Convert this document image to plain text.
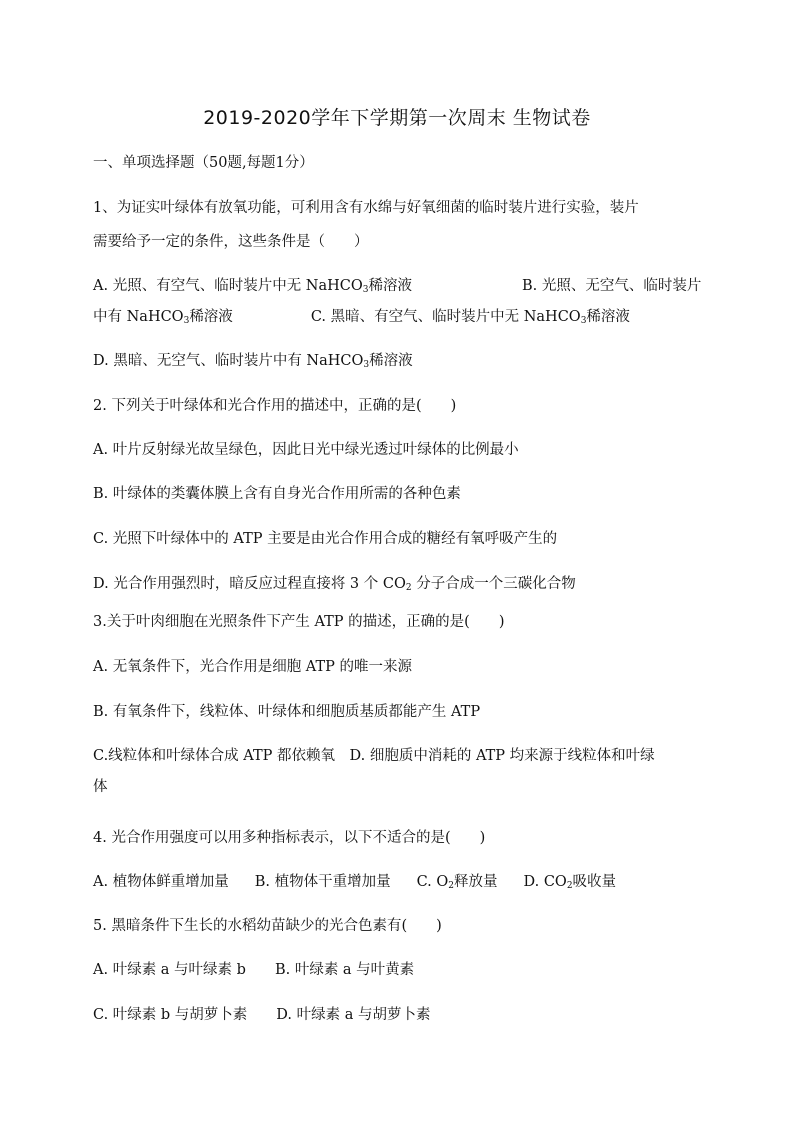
2019-2020学年下学期第一次周末 生物试卷
一、单项选择题（50题,每题1分）
1、为证实叶绿体有放氧功能，可利用含有水绵与好氧细菌的临时装片进行实验，装片
需要给予一定的条件，这些条件是（　　）
A. 光照、有空气、临时装片中无 NaHCO$_3$稀溶液	B. 光照、无空气、临时装片
中有 NaHCO$_3$稀溶液	C. 黑暗、有空气、临时装片中无 NaHCO$_3$稀溶液
D. 黑暗、无空气、临时装片中有 NaHCO$_3$稀溶液
2. 下列关于叶绿体和光合作用的描述中，正确的是(　　)
A. 叶片反射绿光故呈绿色，因此日光中绿光透过叶绿体的比例最小
B. 叶绿体的类囊体膜上含有自身光合作用所需的各种色素
C. 光照下叶绿体中的 ATP 主要是由光合作用合成的糖经有氧呼吸产生的
D. 光合作用强烈时，暗反应过程直接将 3 个 $CO_2$ 分子合成一个三碳化合物
3.关于叶肉细胞在光照条件下产生 ATP 的描述，正确的是(　　)
A. 无氧条件下，光合作用是细胞 ATP 的唯一来源
B. 有氧条件下，线粒体、叶绿体和细胞质基质都能产生 ATP
C.线粒体和叶绿体合成 ATP 都依赖氧　D. 细胞质中消耗的 ATP 均来源于线粒体和叶绿
体
4. 光合作用强度可以用多种指标表示，以下不适合的是(　　)
A. 植物体鲜重增加量 B. 植物体干重增加量 C. $O_2$释放量 D. $CO_2$吸收量
5. 黑暗条件下生长的水稻幼苗缺少的光合色素有(　　)
A. 叶绿素 a 与叶绿素 b　　B. 叶绿素 a 与叶黄素
C. 叶绿素 b 与胡萝卜素　　D. 叶绿素 a 与胡萝卜素
